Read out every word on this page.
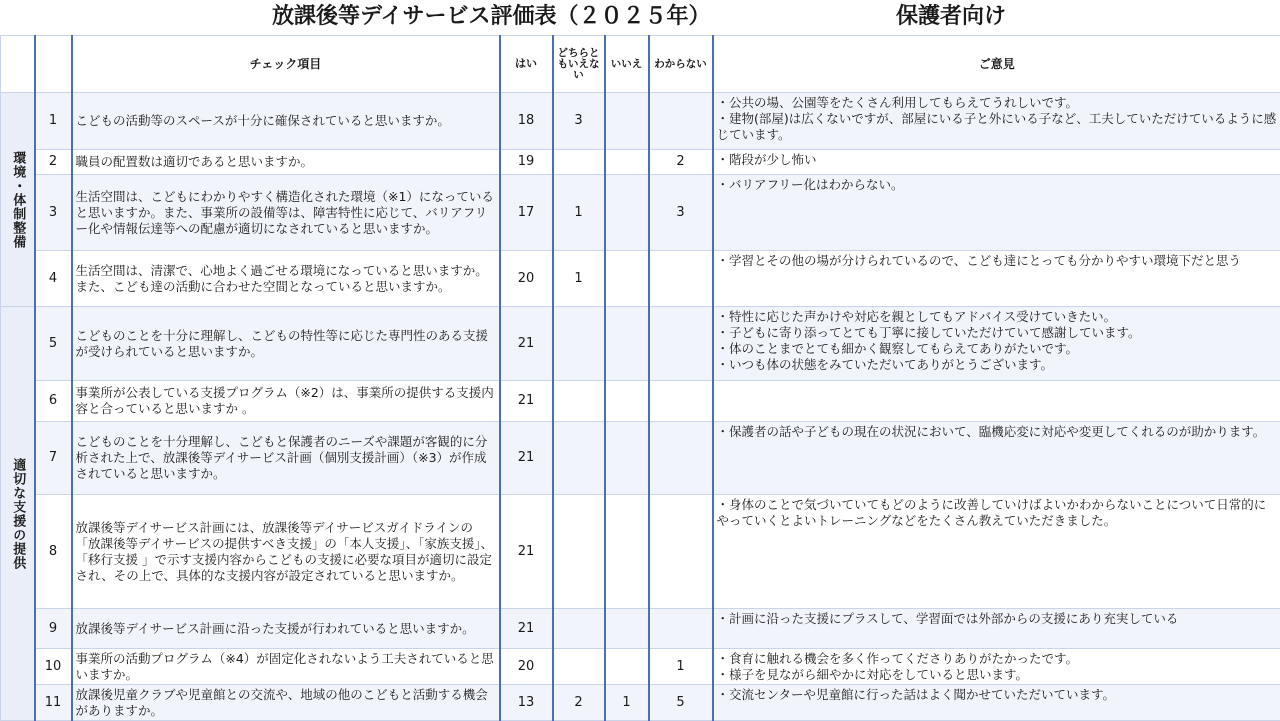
放課後等デイサービス評価表（２０２５年）	保護者向け
		チェック項目	はい	どちらともいえない	いいえ	わからない	ご意見
環境・体制整備	1	こどもの活動等のスペースが十分に確保されていると思いますか。	18	3			・公共の場、公園等をたくさん利用してもらえてうれしいです。
・建物(部屋)は広くないですが、部屋にいる子と外にいる子など、工夫していただけているように感じています。

	2	職員の配置数は適切であると思いますか。	19			2	・階段が少し怖い

	3	生活空間は、こどもにわかりやすく構造化された環境（※1）になっていると思いますか。また、事業所の設備等は、障害特性に応じて、バリアフリー化や情報伝達等への配慮が適切になされていると思いますか。	17	1		3	・バリアフリー化はわからない。

	4	生活空間は、清潔で、心地よく過ごせる環境になっていると思いますか。また、こども達の活動に合わせた空間となっていると思いますか。	20	1			・学習とその他の場が分けられているので、こども達にとっても分かりやすい環境下だと思う

適切な支援の提供	5	こどものことを十分に理解し、こどもの特性等に応じた専門性のある支援が受けられていると思いますか。	21				・特性に応じた声かけや対応を親としてもアドバイス受けていきたい。
・子どもに寄り添ってとても丁寧に接していただけていて感謝しています。
・体のことまでとても細かく観察してもらえてありがたいです。
・いつも体の状態をみていただいてありがとうございます。

	6	事業所が公表している支援プログラム（※2）は、事業所の提供する支援内容と合っていると思いますか 。	21				
	7	こどものことを十分理解し、こどもと保護者のニーズや課題が客観的に分析された上で、放課後等デイサービス計画（個別支援計画）（※3）が作成されていると思いますか。	21				・保護者の話や子どもの現在の状況において、臨機応変に対応や変更してくれるのが助かります。

	8	放課後等デイサービス計画には、放課後等デイサービスガイドラインの「放課後等デイサービスの提供すべき支援」の「本人支援」、「家族支援」、「移行支援 」で示す支援内容からこどもの支援に必要な項目が適切に設定され、その上で、具体的な支援内容が設定されていると思いますか。	21				・身体のことで気づいていてもどのように改善していけばよいかわからないことについて日常的にやっていくとよいトレーニングなどをたくさん教えていただきました。

	9	放課後等デイサービス計画に沿った支援が行われていると思いますか。	21				・計画に沿った支援にプラスして、学習面では外部からの支援にあり充実している

	10	事業所の活動プログラム（※4）が固定化されないよう工夫されていると思いますか。	20			1	・食育に触れる機会を多く作ってくださりありがたかったです。
・様子を見ながら細やかに対応をしていると思います。

	11	放課後児童クラブや児童館との交流や、地域の他のこどもと活動する機会がありますか。	13	2	1	5	・交流センターや児童館に行った話はよく聞かせていただいています。
